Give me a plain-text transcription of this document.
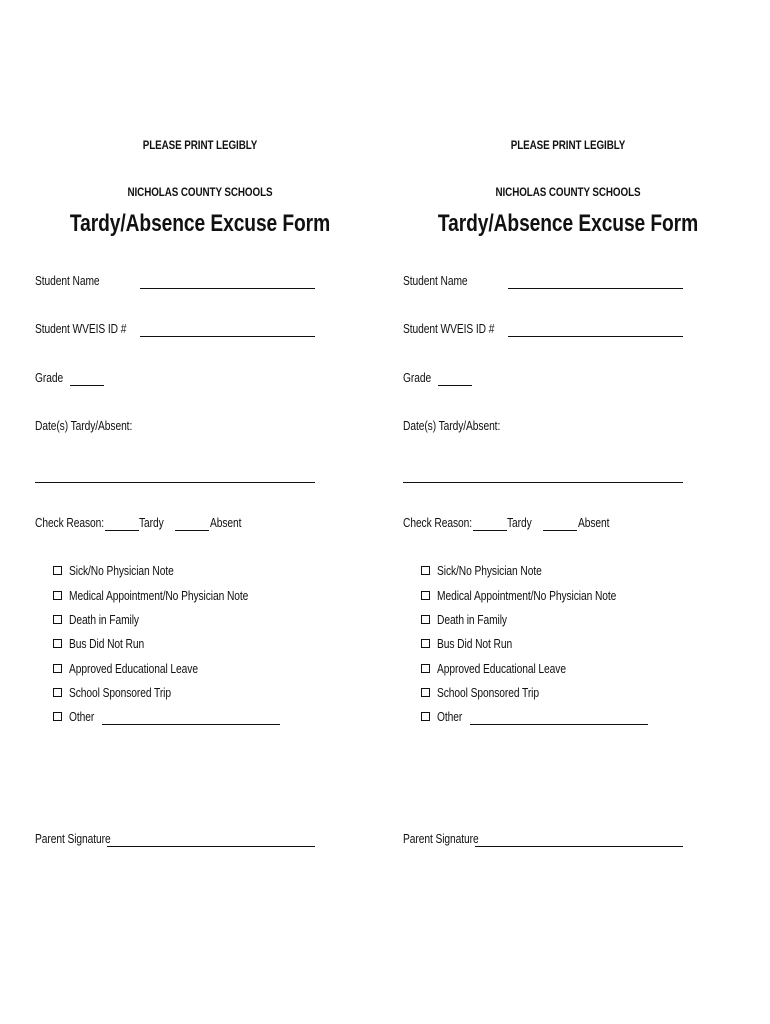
PLEASE PRINT LEGIBLY
NICHOLAS COUNTY SCHOOLS
Tardy/Absence Excuse Form
Student Name
Student WVEIS ID #
Grade
Date(s) Tardy/Absent:
Check Reason:	Tardy	Absent
Sick/No Physician Note
Medical Appointment/No Physician Note
Death in Family
Bus Did Not Run
Approved Educational Leave
School Sponsored Trip
Other
Parent Signature
PLEASE PRINT LEGIBLY
NICHOLAS COUNTY SCHOOLS
Tardy/Absence Excuse Form
Student Name
Student WVEIS ID #
Grade
Date(s) Tardy/Absent:
Check Reason:	Tardy	Absent
Sick/No Physician Note
Medical Appointment/No Physician Note
Death in Family
Bus Did Not Run
Approved Educational Leave
School Sponsored Trip
Other
Parent Signature
